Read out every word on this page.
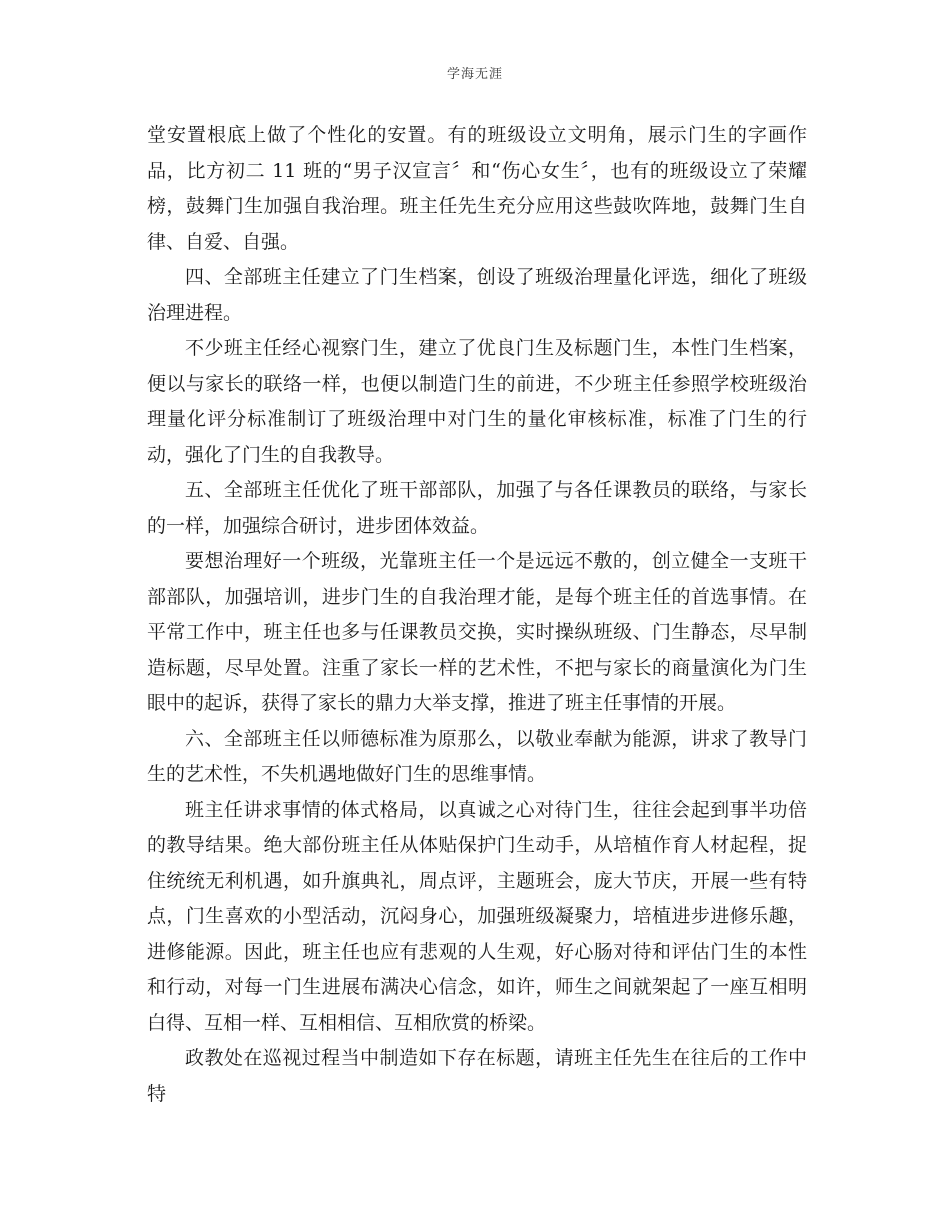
学海无涯

堂安置根底上做了个性化的安置。有的班级设立文明角，展示门生的字画作品，比方初二 11 班的“男子汉宣言〞和“伤心女生〞，也有的班级设立了荣耀榜，鼓舞门生加强自我治理。班主任先生充分应用这些鼓吹阵地，鼓舞门生自律、自爱、自强。

四、全部班主任建立了门生档案，创设了班级治理量化评选，细化了班级治理进程。

不少班主任经心视察门生，建立了优良门生及标题门生，本性门生档案，便以与家长的联络一样，也便以制造门生的前进，不少班主任参照学校班级治理量化评分标准制订了班级治理中对门生的量化审核标准，标准了门生的行动，强化了门生的自我教导。

五、全部班主任优化了班干部部队，加强了与各任课教员的联络，与家长的一样，加强综合研讨，进步团体效益。

要想治理好一个班级，光靠班主任一个是远远不敷的，创立健全一支班干部部队，加强培训，进步门生的自我治理才能，是每个班主任的首选事情。在平常工作中，班主任也多与任课教员交换，实时操纵班级、门生静态，尽早制造标题，尽早处置。注重了家长一样的艺术性，不把与家长的商量演化为门生眼中的起诉，获得了家长的鼎力大举支撑，推进了班主任事情的开展。

六、全部班主任以师德标准为原那么，以敬业奉献为能源，讲求了教导门生的艺术性，不失机遇地做好门生的思维事情。

班主任讲求事情的体式格局，以真诚之心对待门生，往往会起到事半功倍的教导结果。绝大部份班主任从体贴保护门生动手，从培植作育人材起程，捉住统统无利机遇，如升旗典礼，周点评，主题班会，庞大节庆，开展一些有特点，门生喜欢的小型活动，沉闷身心，加强班级凝聚力，培植进步进修乐趣，进修能源。因此，班主任也应有悲观的人生观，好心肠对待和评估门生的本性和行动，对每一门生进展布满决心信念，如许，师生之间就架起了一座互相明白得、互相一样、互相相信、互相欣赏的桥梁。

政教处在巡视过程当中制造如下存在标题，请班主任先生在往后的工作中特
